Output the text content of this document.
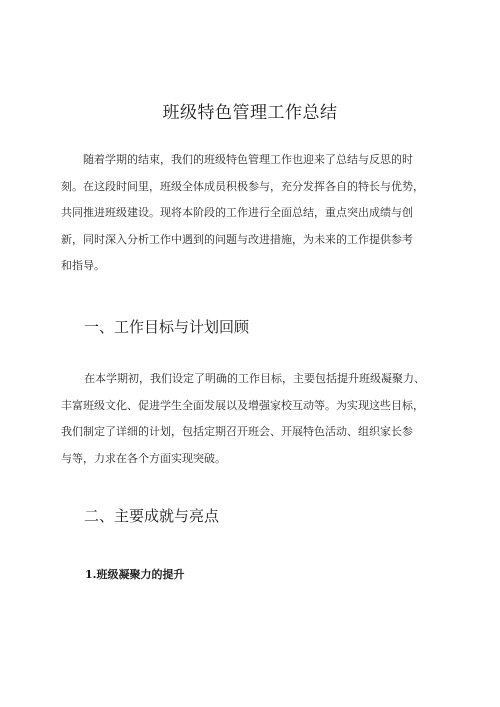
班级特色管理工作总结
随着学期的结束，我们的班级特色管理工作也迎来了总结与反思的时
刻。在这段时间里，班级全体成员积极参与，充分发挥各自的特长与优势，
共同推进班级建设。现将本阶段的工作进行全面总结，重点突出成绩与创
新，同时深入分析工作中遇到的问题与改进措施，为未来的工作提供参考
和指导。
一、工作目标与计划回顾
在本学期初，我们设定了明确的工作目标，主要包括提升班级凝聚力、
丰富班级文化、促进学生全面发展以及增强家校互动等。为实现这些目标，
我们制定了详细的计划，包括定期召开班会、开展特色活动、组织家长参
与等，力求在各个方面实现突破。
二、主要成就与亮点
1.班级凝聚力的提升
